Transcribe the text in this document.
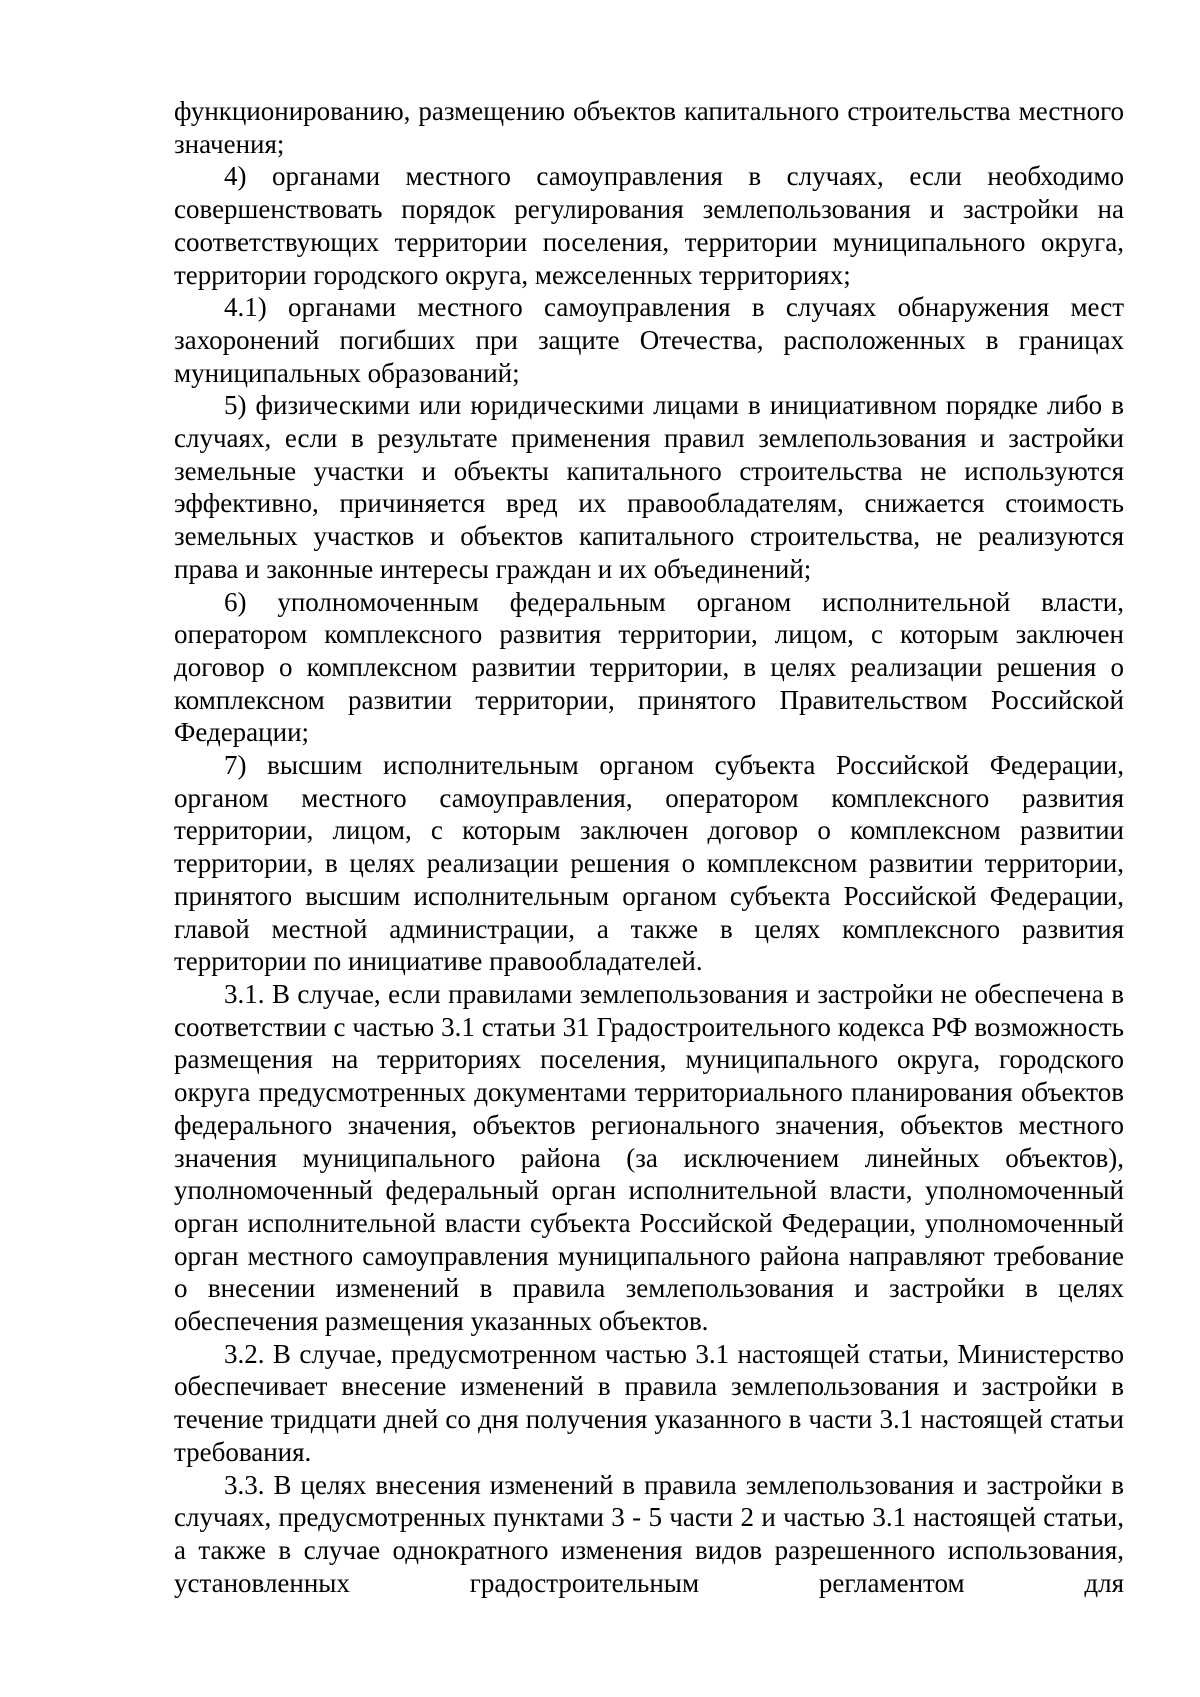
функционированию, размещению объектов капитального строительства местного значения;

4) органами местного самоуправления в случаях, если необходимо совершенствовать порядок регулирования землепользования и застройки на соответствующих территории поселения, территории муниципального округа, территории городского округа, межселенных территориях;

4.1) органами местного самоуправления в случаях обнаружения мест захоронений погибших при защите Отечества, расположенных в границах муниципальных образований;

5) физическими или юридическими лицами в инициативном порядке либо в случаях, если в результате применения правил землепользования и застройки земельные участки и объекты капитального строительства не используются эффективно, причиняется вред их правообладателям, снижается стоимость земельных участков и объектов капитального строительства, не реализуются права и законные интересы граждан и их объединений;

6) уполномоченным федеральным органом исполнительной власти, оператором комплексного развития территории, лицом, с которым заключен договор о комплексном развитии территории, в целях реализации решения о комплексном развитии территории, принятого Правительством Российской Федерации;

7) высшим исполнительным органом субъекта Российской Федерации, органом местного самоуправления, оператором комплексного развития территории, лицом, с которым заключен договор о комплексном развитии территории, в целях реализации решения о комплексном развитии территории, принятого высшим исполнительным органом субъекта Российской Федерации, главой местной администрации, а также в целях комплексного развития территории по инициативе правообладателей.

3.1. В случае, если правилами землепользования и застройки не обеспечена в соответствии с частью 3.1 статьи 31 Градостроительного кодекса РФ возможность размещения на территориях поселения, муниципального округа, городского округа предусмотренных документами территориального планирования объектов федерального значения, объектов регионального значения, объектов местного значения муниципального района (за исключением линейных объектов), уполномоченный федеральный орган исполнительной власти, уполномоченный орган исполнительной власти субъекта Российской Федерации, уполномоченный орган местного самоуправления муниципального района направляют требование о внесении изменений в правила землепользования и застройки в целях обеспечения размещения указанных объектов.

3.2. В случае, предусмотренном частью 3.1 настоящей статьи, Министерство обеспечивает внесение изменений в правила землепользования и застройки в течение тридцати дней со дня получения указанного в части 3.1 настоящей статьи требования.

3.3. В целях внесения изменений в правила землепользования и застройки в случаях, предусмотренных пунктами 3 - 5 части 2 и частью 3.1 настоящей статьи, а также в случае однократного изменения видов разрешенного использования, установленных градостроительным регламентом для
